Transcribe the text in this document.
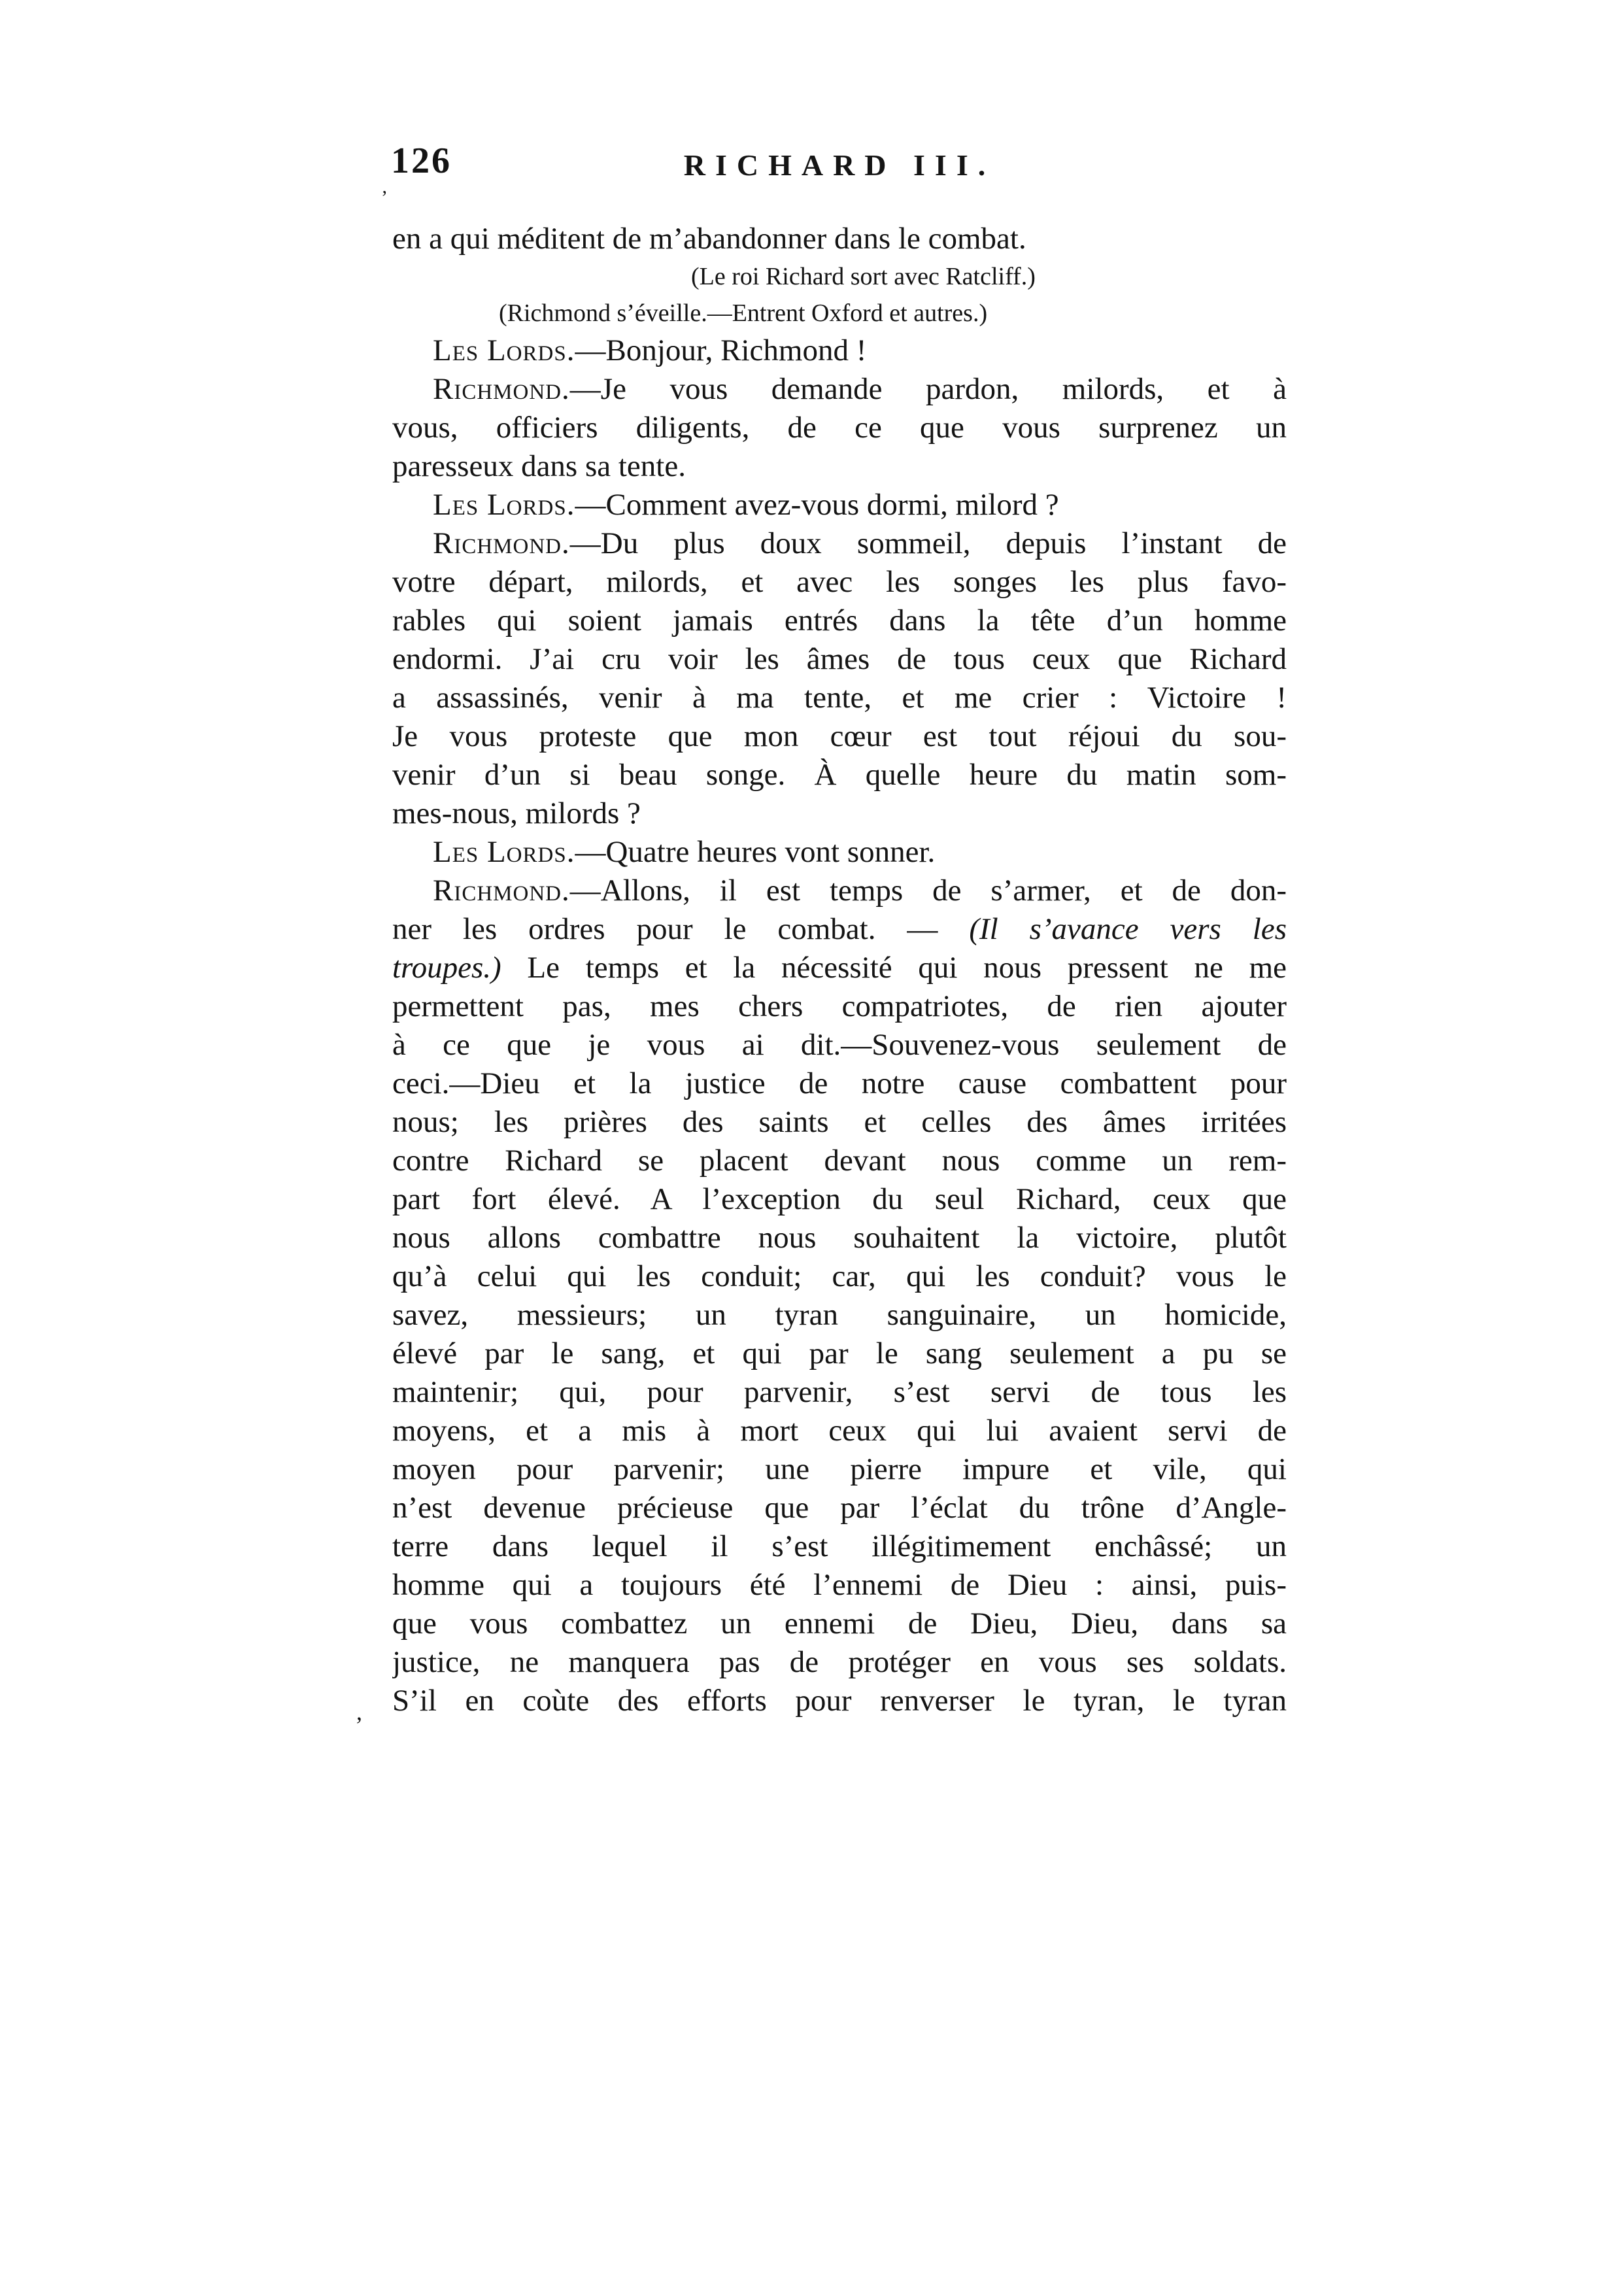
126	RICHARD III.
en a qui méditent de m’abandonner dans le combat.
(Le roi Richard sort avec Ratcliff.)
(Richmond s’éveille.—Entrent Oxford et autres.)
Les Lords.—Bonjour, Richmond !
Richmond.—Je vous demande pardon, milords, et à
vous, officiers diligents, de ce que vous surprenez un
paresseux dans sa tente.
Les Lords.—Comment avez-vous dormi, milord ?
Richmond.—Du plus doux sommeil, depuis l’instant de
votre départ, milords, et avec les songes les plus favo-
rables qui soient jamais entrés dans la tête d’un homme
endormi. J’ai cru voir les âmes de tous ceux que Richard
a assassinés, venir à ma tente, et me crier : Victoire !
Je vous proteste que mon cœur est tout réjoui du sou-
venir d’un si beau songe. À quelle heure du matin som-
mes-nous, milords ?
Les Lords.—Quatre heures vont sonner.
Richmond.—Allons, il est temps de s’armer, et de don-
ner les ordres pour le combat. — (Il s’avance vers les
troupes.) Le temps et la nécessité qui nous pressent ne me
permettent pas, mes chers compatriotes, de rien ajouter
à ce que je vous ai dit.—Souvenez-vous seulement de
ceci.—Dieu et la justice de notre cause combattent pour
nous; les prières des saints et celles des âmes irritées
contre Richard se placent devant nous comme un rem-
part fort élevé. A l’exception du seul Richard, ceux que
nous allons combattre nous souhaitent la victoire, plutôt
qu’à celui qui les conduit; car, qui les conduit? vous le
savez, messieurs; un tyran sanguinaire, un homicide,
élevé par le sang, et qui par le sang seulement a pu se
maintenir; qui, pour parvenir, s’est servi de tous les
moyens, et a mis à mort ceux qui lui avaient servi de
moyen pour parvenir; une pierre impure et vile, qui
n’est devenue précieuse que par l’éclat du trône d’Angle-
terre dans lequel il s’est illégitimement enchâssé; un
homme qui a toujours été l’ennemi de Dieu : ainsi, puis-
que vous combattez un ennemi de Dieu, Dieu, dans sa
justice, ne manquera pas de protéger en vous ses soldats.
S’il en coùte des efforts pour renverser le tyran, le tyran
ʼ
,
